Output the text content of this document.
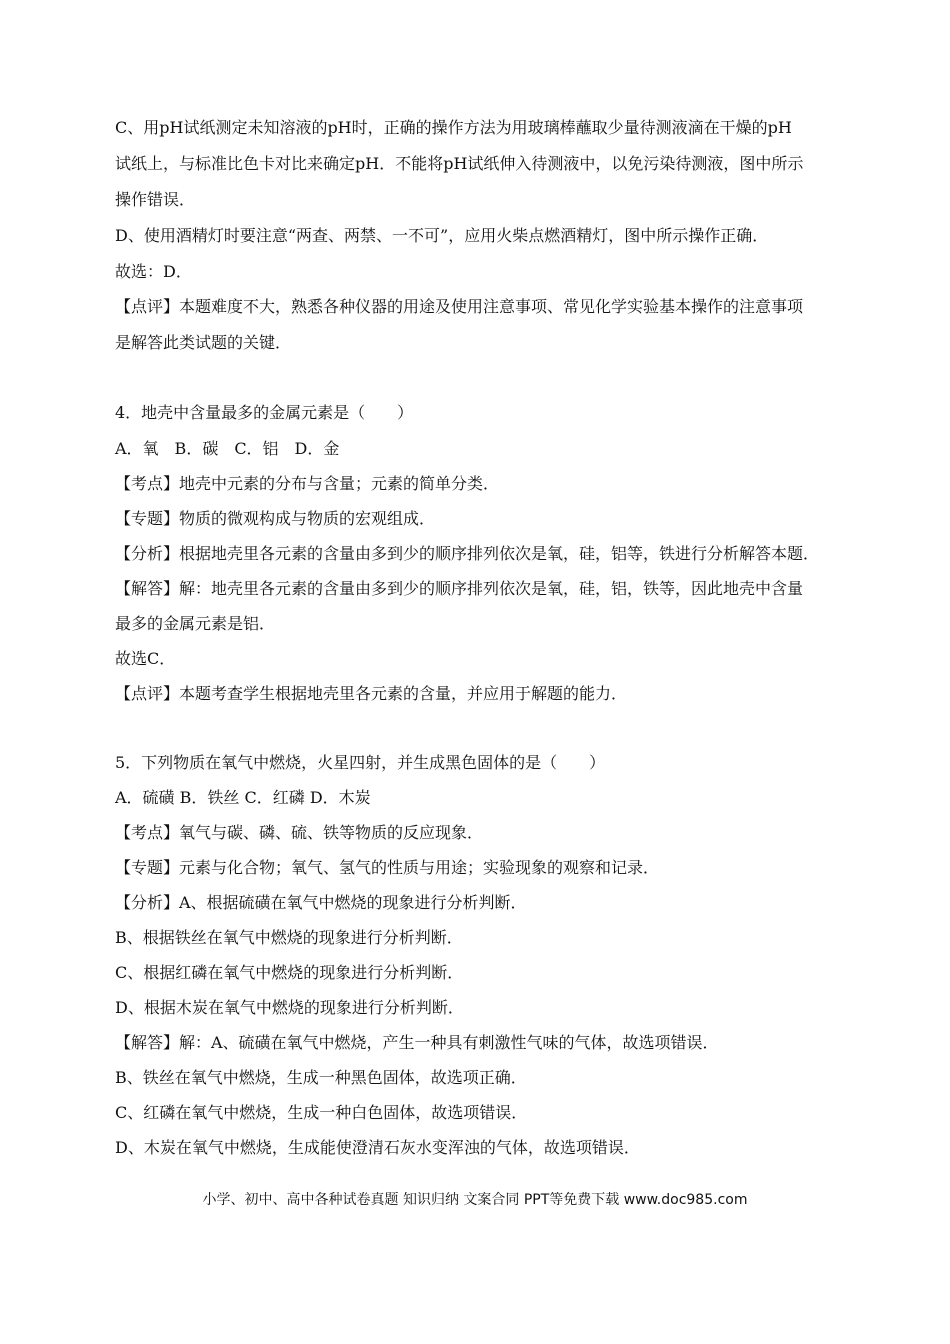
C、用pH试纸测定未知溶液的pH时，正确的操作方法为用玻璃棒蘸取少量待测液滴在干燥的pH
试纸上，与标准比色卡对比来确定pH．不能将pH试纸伸入待测液中，以免污染待测液，图中所示
操作错误．
D、使用酒精灯时要注意“两查、两禁、一不可”，应用火柴点燃酒精灯，图中所示操作正确．
故选：D．
【点评】本题难度不大，熟悉各种仪器的用途及使用注意事项、常见化学实验基本操作的注意事项
是解答此类试题的关键．
4．地壳中含量最多的金属元素是（　　）
A．氧　B．碳　C．铝　D．金
【考点】地壳中元素的分布与含量；元素的简单分类．
【专题】物质的微观构成与物质的宏观组成．
【分析】根据地壳里各元素的含量由多到少的顺序排列依次是氧，硅，铝等，铁进行分析解答本题．
【解答】解：地壳里各元素的含量由多到少的顺序排列依次是氧，硅，铝，铁等，因此地壳中含量
最多的金属元素是铝．
故选C．
【点评】本题考查学生根据地壳里各元素的含量，并应用于解题的能力．
5．下列物质在氧气中燃烧，火星四射，并生成黑色固体的是（　　）
A．硫磺 B．铁丝 C．红磷 D．木炭
【考点】氧气与碳、磷、硫、铁等物质的反应现象．
【专题】元素与化合物；氧气、氢气的性质与用途；实验现象的观察和记录．
【分析】A、根据硫磺在氧气中燃烧的现象进行分析判断．
B、根据铁丝在氧气中燃烧的现象进行分析判断．
C、根据红磷在氧气中燃烧的现象进行分析判断．
D、根据木炭在氧气中燃烧的现象进行分析判断．
【解答】解：A、硫磺在氧气中燃烧，产生一种具有刺激性气味的气体，故选项错误．
B、铁丝在氧气中燃烧，生成一种黑色固体，故选项正确．
C、红磷在氧气中燃烧，生成一种白色固体，故选项错误．
D、木炭在氧气中燃烧，生成能使澄清石灰水变浑浊的气体，故选项错误．
小学、初中、高中各种试卷真题 知识归纳 文案合同 PPT等免费下载 www.doc985.com
